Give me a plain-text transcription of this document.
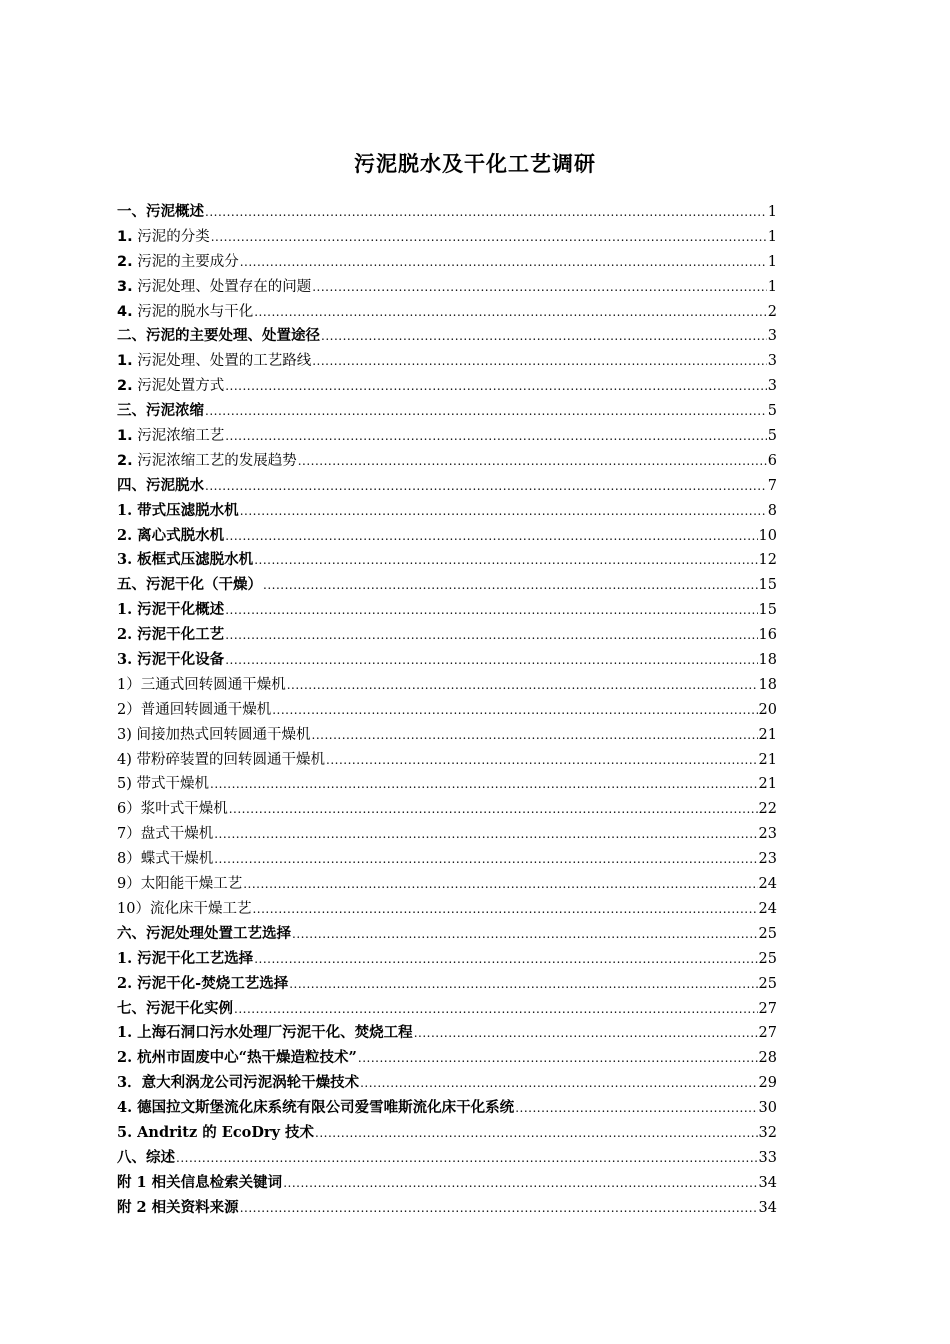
污泥脱水及干化工艺调研
一、污泥概述 .....	1
1. 污泥的分类 .....	1
2. 污泥的主要成分 .....	1
3. 污泥处理、处置存在的问题 .....	1
4. 污泥的脱水与干化 .....	2
二、污泥的主要处理、处置途径 .....	3
1. 污泥处理、处置的工艺路线 .....	3
2. 污泥处置方式 .....	3
三、污泥浓缩 .....	5
1. 污泥浓缩工艺 .....	5
2. 污泥浓缩工艺的发展趋势 .....	6
四、污泥脱水 .....	7
1. 带式压滤脱水机 .....	8
2. 离心式脱水机 .....	10
3. 板框式压滤脱水机 .....	12
五、污泥干化（干燥） .....	15
1. 污泥干化概述 .....	15
2. 污泥干化工艺 .....	16
3. 污泥干化设备 .....	18
1）三通式回转圆通干燥机 .....	18
2）普通回转圆通干燥机 .....	20
3) 间接加热式回转圆通干燥机 .....	21
4) 带粉碎装置的回转圆通干燥机 .....	21
5) 带式干燥机 .....	21
6）浆叶式干燥机 .....	22
7）盘式干燥机 .....	23
8）蝶式干燥机 .....	23
9）太阳能干燥工艺 .....	24
10）流化床干燥工艺 .....	24
六、污泥处理处置工艺选择 .....	25
1. 污泥干化工艺选择 .....	25
2. 污泥干化-焚烧工艺选择 .....	25
七、污泥干化实例 .....	27
1. 上海石洞口污水处理厂污泥干化、焚烧工程 .....	27
2. 杭州市固废中心“热干燥造粒技术” .....	28
3．意大利涡龙公司污泥涡轮干燥技术 .....	29
4. 德国拉文斯堡流化床系统有限公司爱雪唯斯流化床干化系统 .....	30
5. Andritz 的 EcoDry 技术 .....	32
八、综述 .....	33
附 1 相关信息检索关键词 .....	34
附 2 相关资料来源 .....	34
